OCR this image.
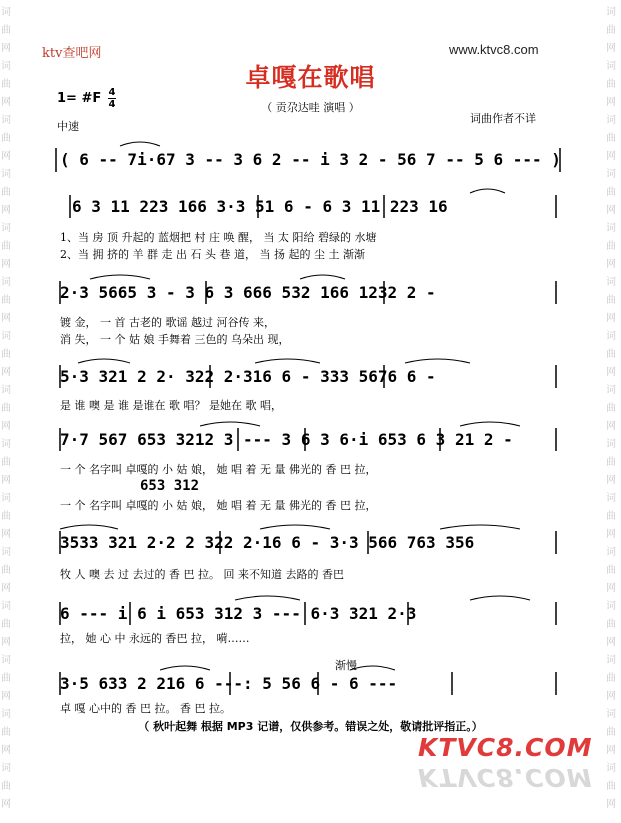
词
曲
网
词
曲
网
词
曲
网
词
曲
网
词
曲
网
词
曲
网
词
曲
网
词
曲
网
词
曲
网
词
曲
网
词
曲
网
词
曲
网
词
曲
网
词
曲
网
词
曲
网
词
曲
网
词
曲
网
词
曲
网
词
曲
网
词
曲
网
词
曲
网
词
曲
网
词
曲
网
词
曲
网
词
曲
网
词
曲
网
词
曲
网
词
曲
网
词
曲
网
词
曲
网
ktv查吧网	www.ktvc8.com
卓嘎在歌唱
（ 贡尕达哇 演唱 ）
1= #F 4
4
中速
词曲作者不详
( 6 -- 7i·67 3 -- 3 6 2 -- i 3 2 - 56 7 -- 5 6 --- )
6 3 11 223 166 3·3 51 6 - 6 3 11 223 16
1、当 房 顶 升起的 蓝烟把 村 庄 唤 醒， 当 太 阳给 碧绿的 水塘
2、当 拥 挤的 羊 群 走 出 石 头 巷 道， 当 扬 起的 尘 土 渐渐
2·3 5665 3 - 3 6 3 666 532 166 1232 2 -
镀 金， 一 首 古老的 歌谣 越过 河谷传 来，
消 失， 一 个 姑 娘 手舞着 三色的 乌朵出 现，
5·3 321 2 2· 322 2·316 6 - 333 5676 6 -
是 谁 噢 是 谁 是谁在 歌 唱？ 是她在 歌 唱，
7·7 567 653 3212 3 --- 3 6 3 6·i 653 6 3 21 2 -
一 个 名字叫 卓嘎的 小 姑 娘， 她 唱 着 无 量 佛光的 香 巴 拉，
653 312
一 个 名字叫 卓嘎的 小 姑 娘， 她 唱 着 无 量 佛光的 香 巴 拉，
3533 321 2·2 2 322 2·16 6 - 3·3 566 763 356
牧 人 噢 去 过 去过的 香 巴 拉。 回 来不知道 去路的 香巴
6 --- i 6 i 653 312 3 --- 6·3 321 2·3
拉， 她 心 中 永远的 香巴 拉， 嗬……
渐慢
3·5 633 2 216 6 ---: 5 56 6 - 6 ---
卓 嘎 心中的 香 巴 拉。 香 巴 拉。
（ 秋叶起舞 根据 MP3 记谱，仅供参考。错误之处，敬请批评指正。）
KTVC8.COM
KTVC8.COM
